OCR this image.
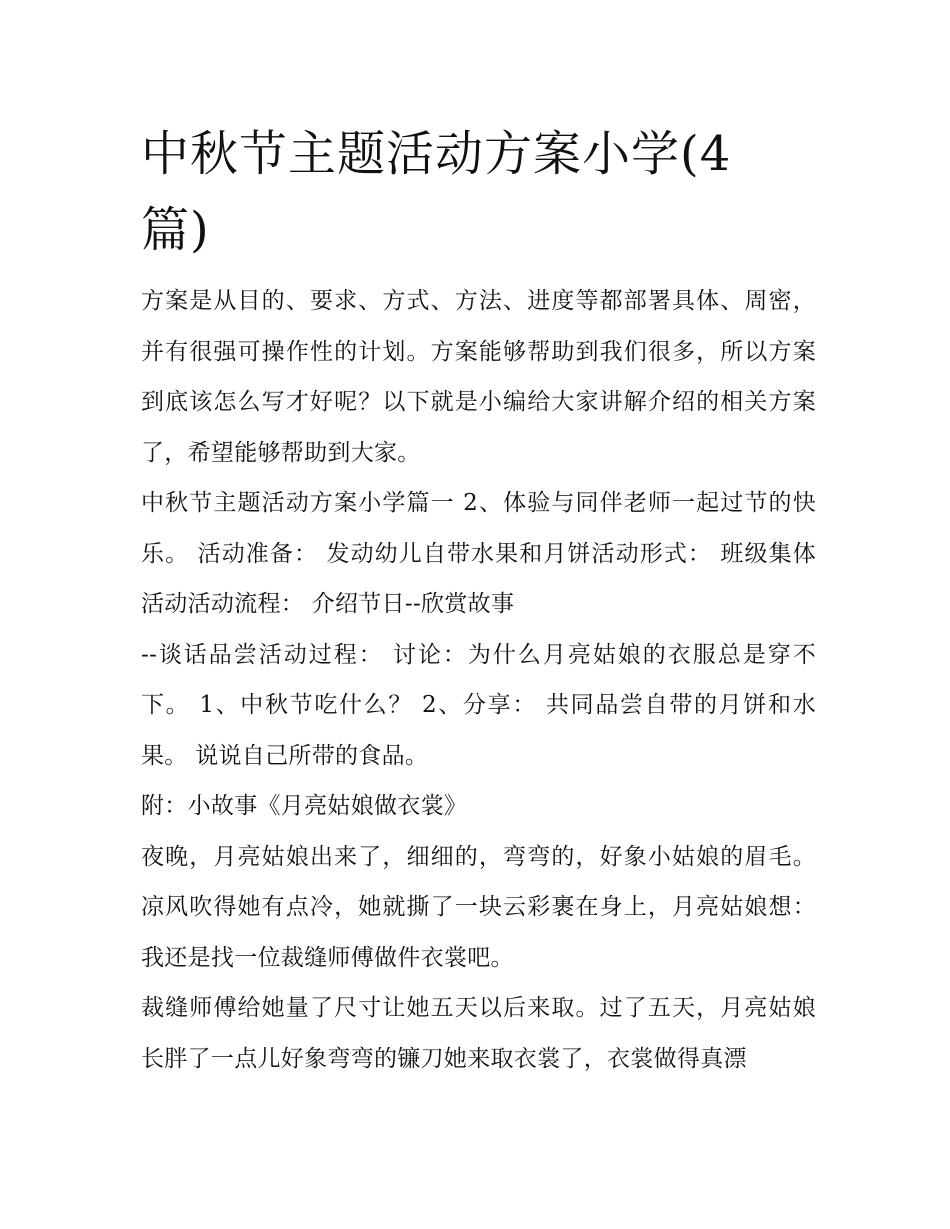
中秋节主题活动方案小学(4篇)

方案是从目的、要求、方式、方法、进度等都部署具体、周密，并有很强可操作性的计划。方案能够帮助到我们很多，所以方案到底该怎么写才好呢？以下就是小编给大家讲解介绍的相关方案了，希望能够帮助到大家。

中秋节主题活动方案小学篇一 2、体验与同伴老师一起过节的快乐。 活动准备： 发动幼儿自带水果和月饼活动形式： 班级集体活动活动流程： 介绍节日--欣赏故事

--谈话品尝活动过程： 讨论：为什么月亮姑娘的衣服总是穿不下。 1、中秋节吃什么？ 2、分享： 共同品尝自带的月饼和水果。 说说自己所带的食品。

附：小故事《月亮姑娘做衣裳》

夜晚，月亮姑娘出来了，细细的，弯弯的，好象小姑娘的眉毛。凉风吹得她有点冷，她就撕了一块云彩裹在身上，月亮姑娘想：我还是找一位裁缝师傅做件衣裳吧。

裁缝师傅给她量了尺寸让她五天以后来取。过了五天，月亮姑娘长胖了一点儿好象弯弯的镰刀她来取衣裳了，衣裳做得真漂
